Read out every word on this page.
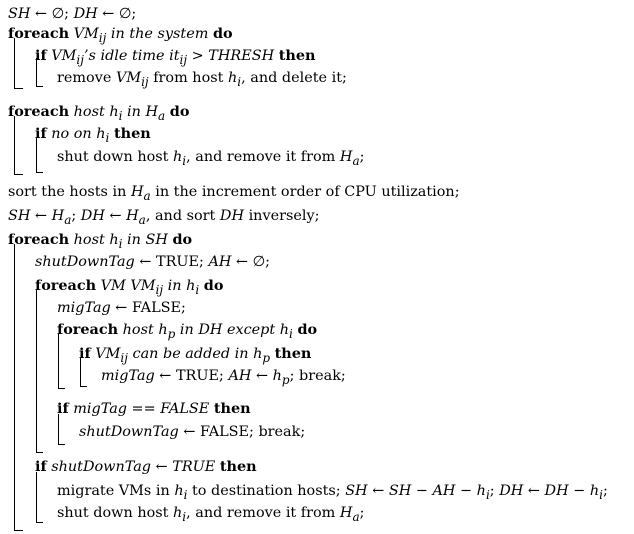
SH ← ∅; DH ← ∅;
foreach $VM_{ij}$ in the system do
if $VM_{ij}’s$ idle time $it_{ij}$ > THRESH then
remove $VM_{ij}$ from host $h_i$, and delete it;
foreach host $h_i$ in $H_a$ do
if no on $h_i$ then
shut down host $h_i$, and remove it from $H_a$;
sort the hosts in $H_a$ in the increment order of CPU utilization;
SH ← $H_a$; DH ← $H_a$, and sort DH inversely;
foreach host $h_i$ in SH do
shutDownTag ← TRUE; AH ← ∅;
foreach VM $VM_{ij}$ in $h_i$ do
migTag ← FALSE;
foreach host $h_p$ in DH except $h_i$ do
if $VM_{ij}$ can be added in $h_p$ then
migTag ← TRUE; AH ← $h_p$; break;
if migTag == FALSE then
shutDownTag ← FALSE; break;
if shutDownTag ← TRUE then
migrate VMs in $h_i$ to destination hosts; SH ← SH − AH − $h_i$; DH ← DH − $h_i$;
shut down host $h_i$, and remove it from $H_a$;
